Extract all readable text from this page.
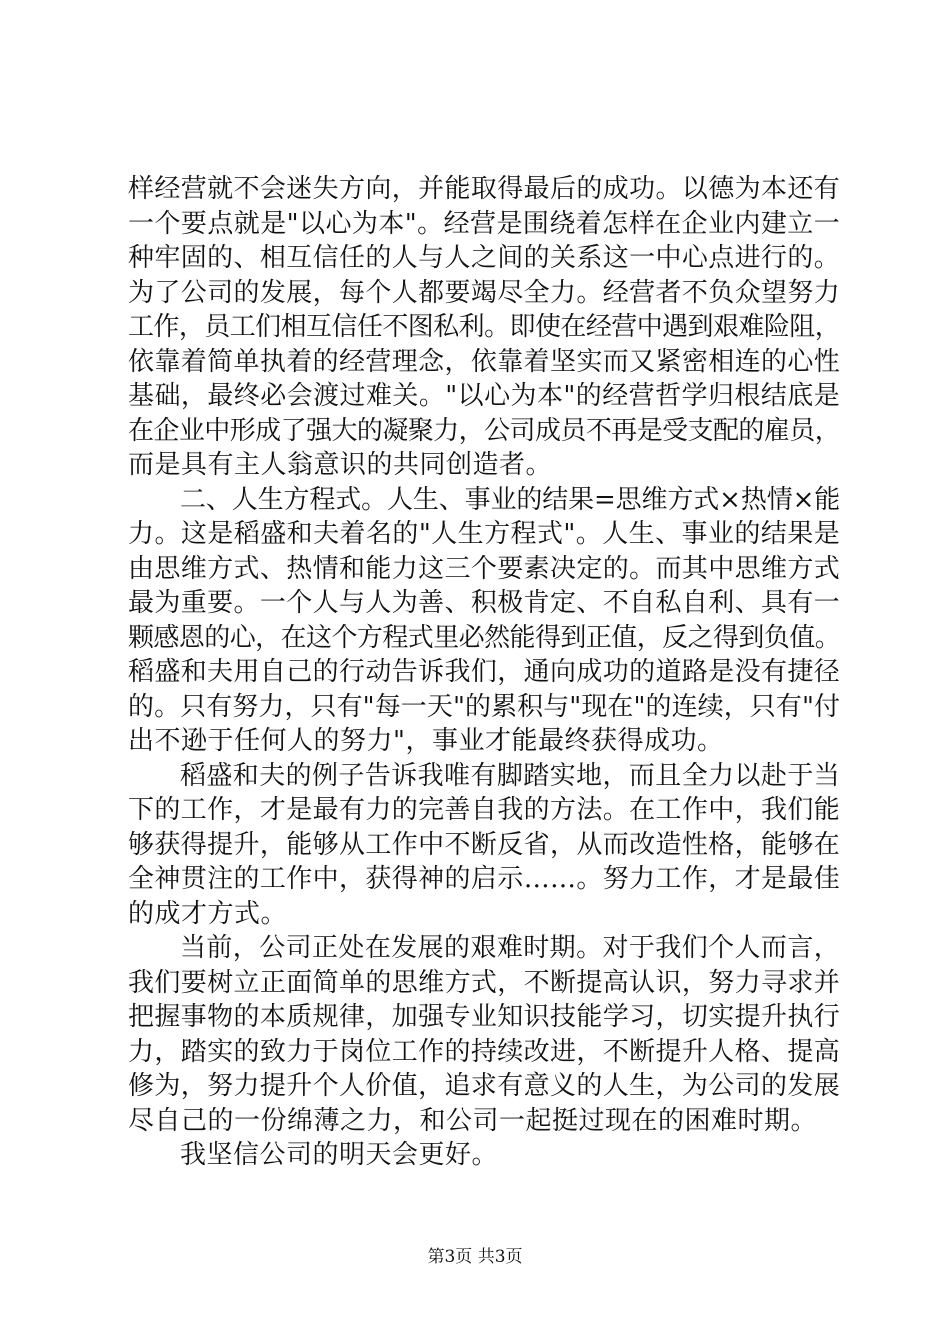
样经营就不会迷失方向，并能取得最后的成功。以德为本还有
一个要点就是"以心为本"。经营是围绕着怎样在企业内建立一
种牢固的、相互信任的人与人之间的关系这一中心点进行的。
为了公司的发展，每个人都要竭尽全力。经营者不负众望努力
工作，员工们相互信任不图私利。即使在经营中遇到艰难险阻，
依靠着简单执着的经营理念，依靠着坚实而又紧密相连的心性
基础，最终必会渡过难关。"以心为本"的经营哲学归根结底是
在企业中形成了强大的凝聚力，公司成员不再是受支配的雇员，
而是具有主人翁意识的共同创造者。
二、人生方程式。人生、事业的结果=思维方式×热情×能
力。这是稻盛和夫着名的"人生方程式"。人生、事业的结果是
由思维方式、热情和能力这三个要素决定的。而其中思维方式
最为重要。一个人与人为善、积极肯定、不自私自利、具有一
颗感恩的心，在这个方程式里必然能得到正值，反之得到负值。
稻盛和夫用自己的行动告诉我们，通向成功的道路是没有捷径
的。只有努力，只有"每一天"的累积与"现在"的连续，只有"付
出不逊于任何人的努力"，事业才能最终获得成功。
稻盛和夫的例子告诉我唯有脚踏实地，而且全力以赴于当
下的工作，才是最有力的完善自我的方法。在工作中，我们能
够获得提升，能够从工作中不断反省，从而改造性格，能够在
全神贯注的工作中，获得神的启示……。努力工作，才是最佳
的成才方式。
当前，公司正处在发展的艰难时期。对于我们个人而言，
我们要树立正面简单的思维方式，不断提高认识，努力寻求并
把握事物的本质规律，加强专业知识技能学习，切实提升执行
力，踏实的致力于岗位工作的持续改进，不断提升人格、提高
修为，努力提升个人价值，追求有意义的人生，为公司的发展
尽自己的一份绵薄之力，和公司一起挺过现在的困难时期。
我坚信公司的明天会更好。
第3页 共3页
